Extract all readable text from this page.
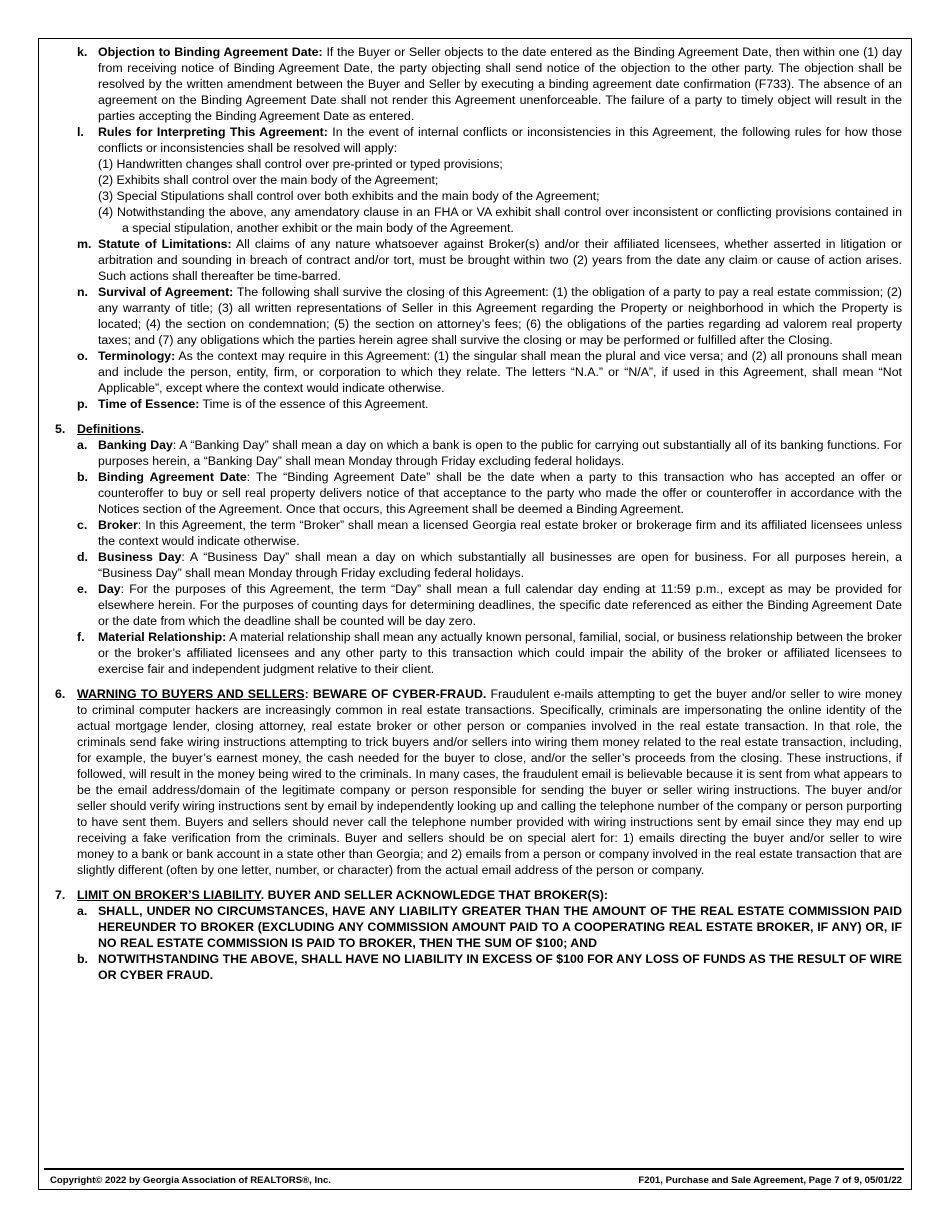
k. Objection to Binding Agreement Date: If the Buyer or Seller objects to the date entered as the Binding Agreement Date, then within one (1) day from receiving notice of Binding Agreement Date, the party objecting shall send notice of the objection to the other party. The objection shall be resolved by the written amendment between the Buyer and Seller by executing a binding agreement date confirmation (F733). The absence of an agreement on the Binding Agreement Date shall not render this Agreement unenforceable. The failure of a party to timely object will result in the parties accepting the Binding Agreement Date as entered.
l. Rules for Interpreting This Agreement: In the event of internal conflicts or inconsistencies in this Agreement, the following rules for how those conflicts or inconsistencies shall be resolved will apply:
(1) Handwritten changes shall control over pre-printed or typed provisions;
(2) Exhibits shall control over the main body of the Agreement;
(3) Special Stipulations shall control over both exhibits and the main body of the Agreement;
(4) Notwithstanding the above, any amendatory clause in an FHA or VA exhibit shall control over inconsistent or conflicting provisions contained in a special stipulation, another exhibit or the main body of the Agreement.
m. Statute of Limitations: All claims of any nature whatsoever against Broker(s) and/or their affiliated licensees, whether asserted in litigation or arbitration and sounding in breach of contract and/or tort, must be brought within two (2) years from the date any claim or cause of action arises. Such actions shall thereafter be time-barred.
n. Survival of Agreement: The following shall survive the closing of this Agreement: (1) the obligation of a party to pay a real estate commission; (2) any warranty of title; (3) all written representations of Seller in this Agreement regarding the Property or neighborhood in which the Property is located; (4) the section on condemnation; (5) the section on attorney’s fees; (6) the obligations of the parties regarding ad valorem real property taxes; and (7) any obligations which the parties herein agree shall survive the closing or may be performed or fulfilled after the Closing.
o. Terminology: As the context may require in this Agreement: (1) the singular shall mean the plural and vice versa; and (2) all pronouns shall mean and include the person, entity, firm, or corporation to which they relate. The letters “N.A.” or “N/A”, if used in this Agreement, shall mean “Not Applicable”, except where the context would indicate otherwise.
p. Time of Essence: Time is of the essence of this Agreement.
5. Definitions.
a. Banking Day: A “Banking Day” shall mean a day on which a bank is open to the public for carrying out substantially all of its banking functions. For purposes herein, a “Banking Day” shall mean Monday through Friday excluding federal holidays.
b. Binding Agreement Date: The “Binding Agreement Date” shall be the date when a party to this transaction who has accepted an offer or counteroffer to buy or sell real property delivers notice of that acceptance to the party who made the offer or counteroffer in accordance with the Notices section of the Agreement. Once that occurs, this Agreement shall be deemed a Binding Agreement.
c. Broker: In this Agreement, the term “Broker” shall mean a licensed Georgia real estate broker or brokerage firm and its affiliated licensees unless the context would indicate otherwise.
d. Business Day: A “Business Day” shall mean a day on which substantially all businesses are open for business. For all purposes herein, a “Business Day” shall mean Monday through Friday excluding federal holidays.
e. Day: For the purposes of this Agreement, the term “Day” shall mean a full calendar day ending at 11:59 p.m., except as may be provided for elsewhere herein. For the purposes of counting days for determining deadlines, the specific date referenced as either the Binding Agreement Date or the date from which the deadline shall be counted will be day zero.
f. Material Relationship: A material relationship shall mean any actually known personal, familial, social, or business relationship between the broker or the broker’s affiliated licensees and any other party to this transaction which could impair the ability of the broker or affiliated licensees to exercise fair and independent judgment relative to their client.
6. WARNING TO BUYERS AND SELLERS: BEWARE OF CYBER-FRAUD. Fraudulent e-mails attempting to get the buyer and/or seller to wire money to criminal computer hackers are increasingly common in real estate transactions. Specifically, criminals are impersonating the online identity of the actual mortgage lender, closing attorney, real estate broker or other person or companies involved in the real estate transaction. In that role, the criminals send fake wiring instructions attempting to trick buyers and/or sellers into wiring them money related to the real estate transaction, including, for example, the buyer’s earnest money, the cash needed for the buyer to close, and/or the seller’s proceeds from the closing. These instructions, if followed, will result in the money being wired to the criminals. In many cases, the fraudulent email is believable because it is sent from what appears to be the email address/domain of the legitimate company or person responsible for sending the buyer or seller wiring instructions. The buyer and/or seller should verify wiring instructions sent by email by independently looking up and calling the telephone number of the company or person purporting to have sent them. Buyers and sellers should never call the telephone number provided with wiring instructions sent by email since they may end up receiving a fake verification from the criminals. Buyer and sellers should be on special alert for: 1) emails directing the buyer and/or seller to wire money to a bank or bank account in a state other than Georgia; and 2) emails from a person or company involved in the real estate transaction that are slightly different (often by one letter, number, or character) from the actual email address of the person or company.
7. LIMIT ON BROKER’S LIABILITY. BUYER AND SELLER ACKNOWLEDGE THAT BROKER(S):
a. SHALL, UNDER NO CIRCUMSTANCES, HAVE ANY LIABILITY GREATER THAN THE AMOUNT OF THE REAL ESTATE COMMISSION PAID HEREUNDER TO BROKER (EXCLUDING ANY COMMISSION AMOUNT PAID TO A COOPERATING REAL ESTATE BROKER, IF ANY) OR, IF NO REAL ESTATE COMMISSION IS PAID TO BROKER, THEN THE SUM OF $100; AND
b. NOTWITHSTANDING THE ABOVE, SHALL HAVE NO LIABILITY IN EXCESS OF $100 FOR ANY LOSS OF FUNDS AS THE RESULT OF WIRE OR CYBER FRAUD.
Copyright© 2022 by Georgia Association of REALTORS®, Inc.	F201, Purchase and Sale Agreement, Page 7 of 9, 05/01/22
